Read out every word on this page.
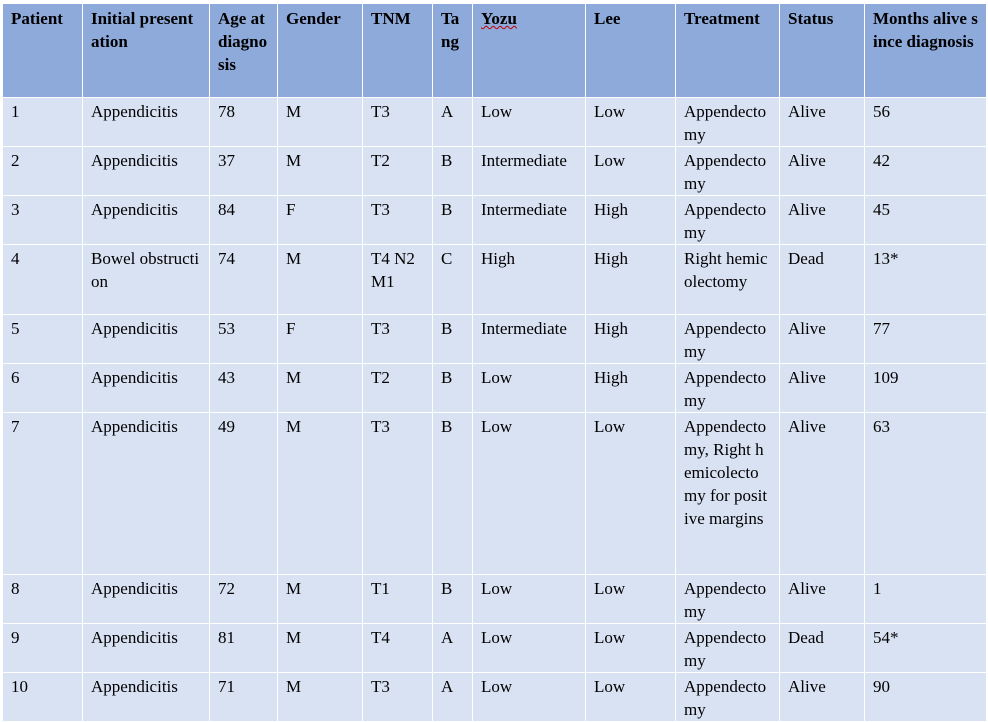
Patient	Initial presentation	Age at diagnosis	Gender	TNM	Tang	Yozu	Lee	Treatment	Status	Months alive since diagnosis
1	Appendicitis	78	M	T3	A	Low	Low	Appendectomy	Alive	56
2	Appendicitis	37	M	T2	B	Intermediate	Low	Appendectomy	Alive	42
3	Appendicitis	84	F	T3	B	Intermediate	High	Appendectomy	Alive	45
4	Bowel obstruction	74	M	T4 N2 M1	C	High	High	Right hemicolectomy	Dead	13*
5	Appendicitis	53	F	T3	B	Intermediate	High	Appendectomy	Alive	77
6	Appendicitis	43	M	T2	B	Low	High	Appendectomy	Alive	109
7	Appendicitis	49	M	T3	B	Low	Low	Appendectomy, Right hemicolectomy for positive margins	Alive	63
8	Appendicitis	72	M	T1	B	Low	Low	Appendectomy	Alive	1
9	Appendicitis	81	M	T4	A	Low	Low	Appendectomy	Dead	54*
10	Appendicitis	71	M	T3	A	Low	Low	Appendectomy	Alive	90
